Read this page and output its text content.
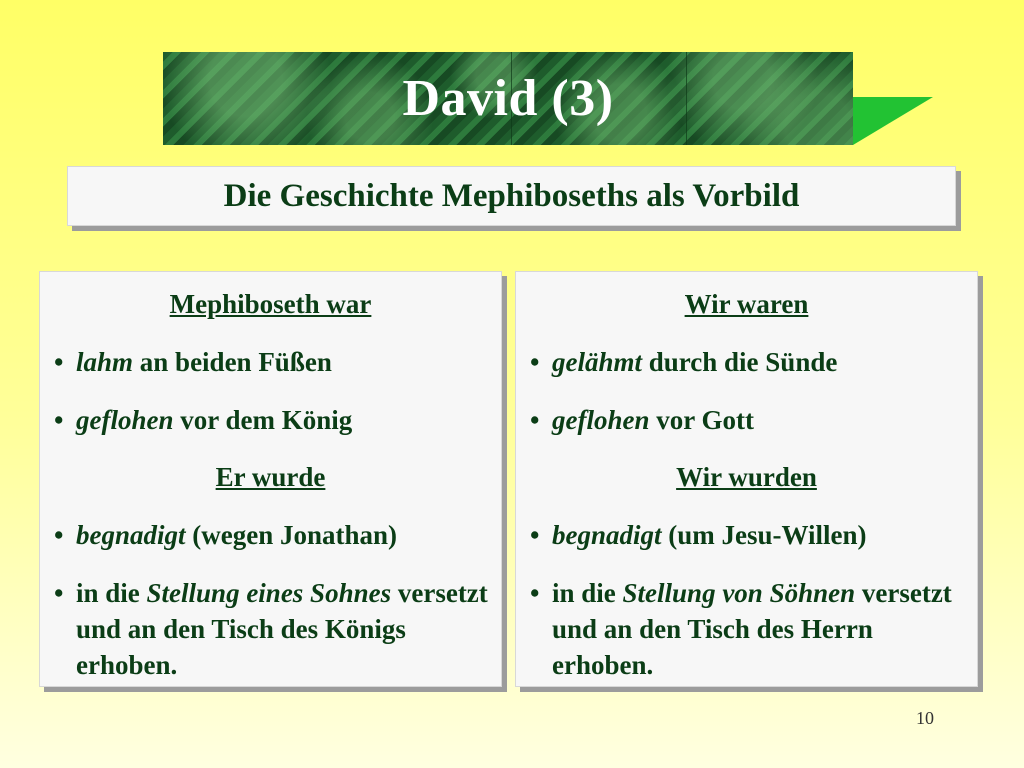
David (3)
Die Geschichte Mephiboseths als Vorbild

Mephiboseth war

• lahm an beiden Füßen
• geflohen vor dem König

Er wurde

• begnadigt (wegen Jonathan)
• in die Stellung eines Sohnes versetzt und an den Tisch des Königs erhoben.

Wir waren

• gelähmt durch die Sünde
• geflohen vor Gott

Wir wurden

• begnadigt (um Jesu-Willen)
• in die Stellung von Söhnen versetzt und an den Tisch des Herrn erhoben.
10
